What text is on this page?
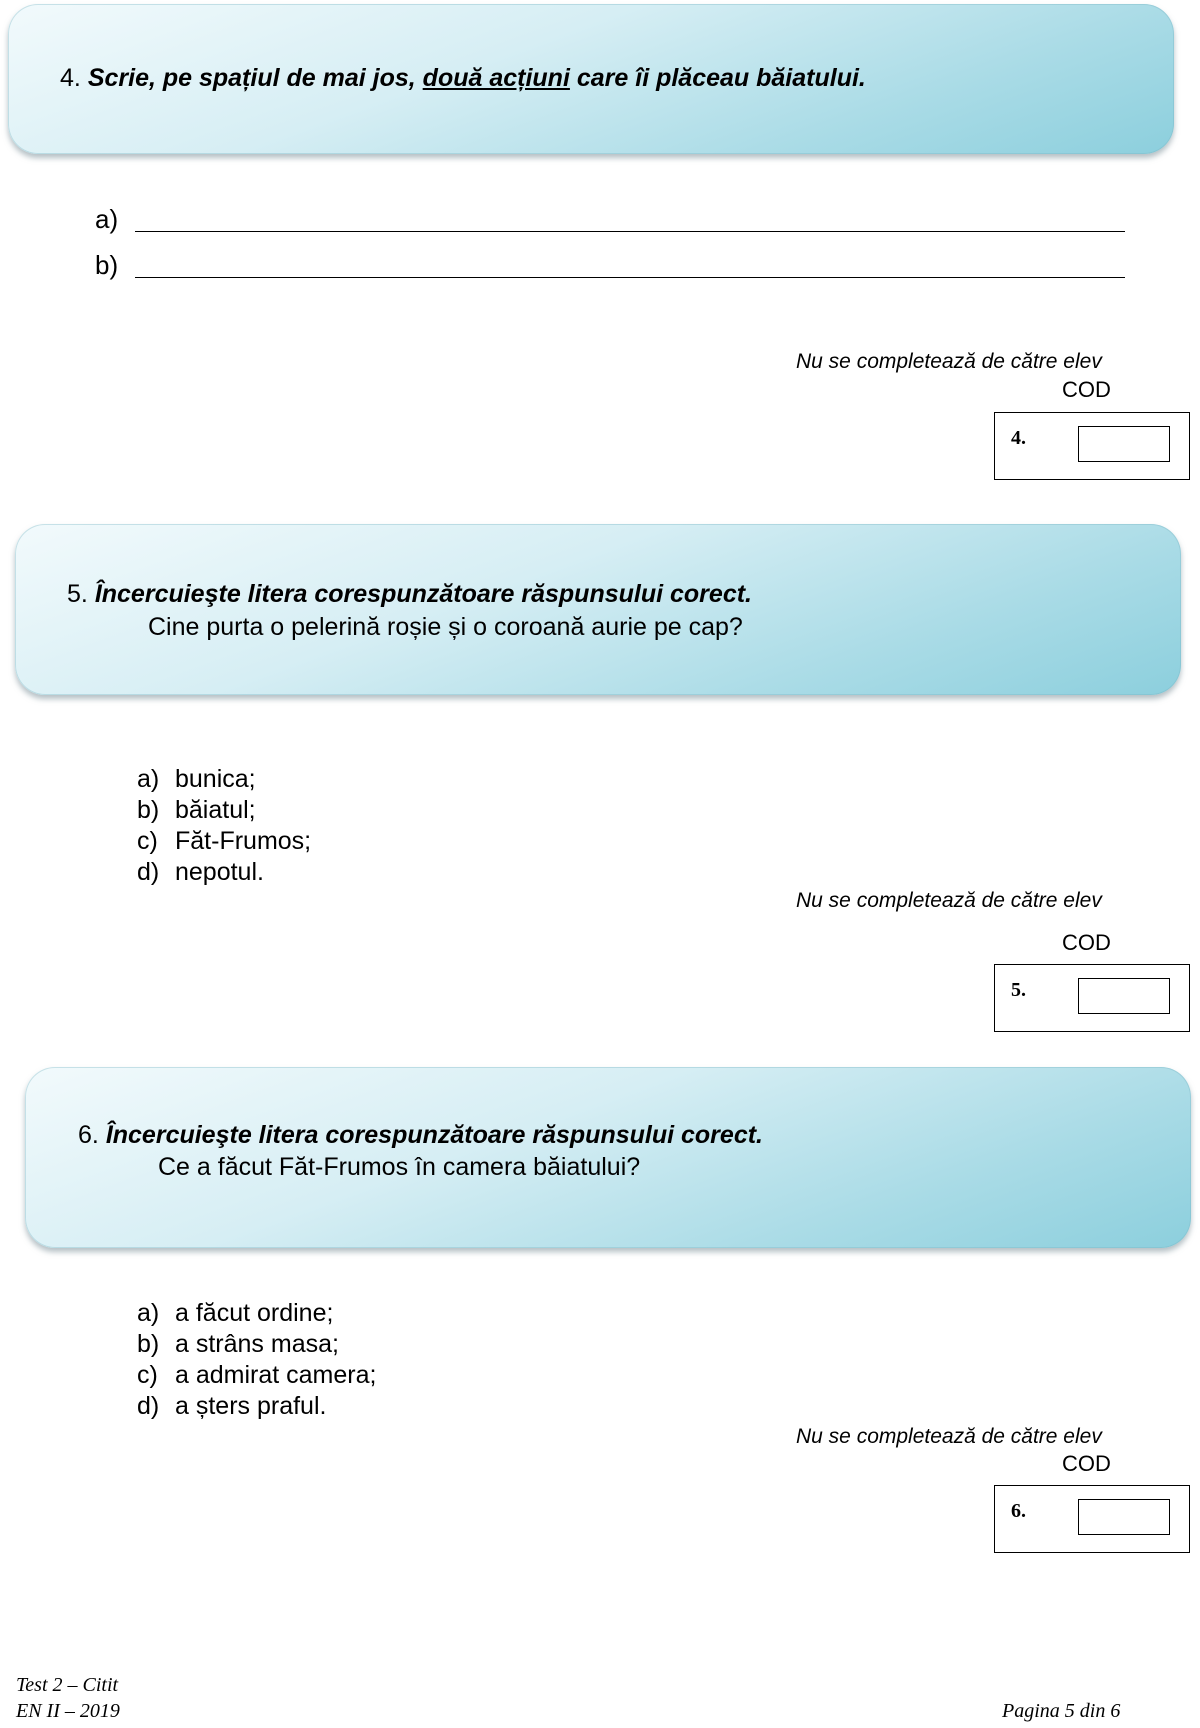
4. Scrie, pe spațiul de mai jos, două acțiuni care îi plăceau băiatului.
a)
b)
Nu se completează de către elev
COD
4.
5. Încercuieşte litera corespunzătoare răspunsului corect.
Cine purta o pelerină roșie și o coroană aurie pe cap?
a) bunica;
b) băiatul;
c) Făt-Frumos;
d) nepotul.
Nu se completează de către elev
COD
5.
6. Încercuieşte litera corespunzătoare răspunsului corect.
Ce a făcut Făt-Frumos în camera băiatului?
a) a făcut ordine;
b) a strâns masa;
c) a admirat camera;
d) a șters praful.
Nu se completează de către elev
COD
6.
Test 2 – Citit
EN II – 2019	Pagina 5 din 6
